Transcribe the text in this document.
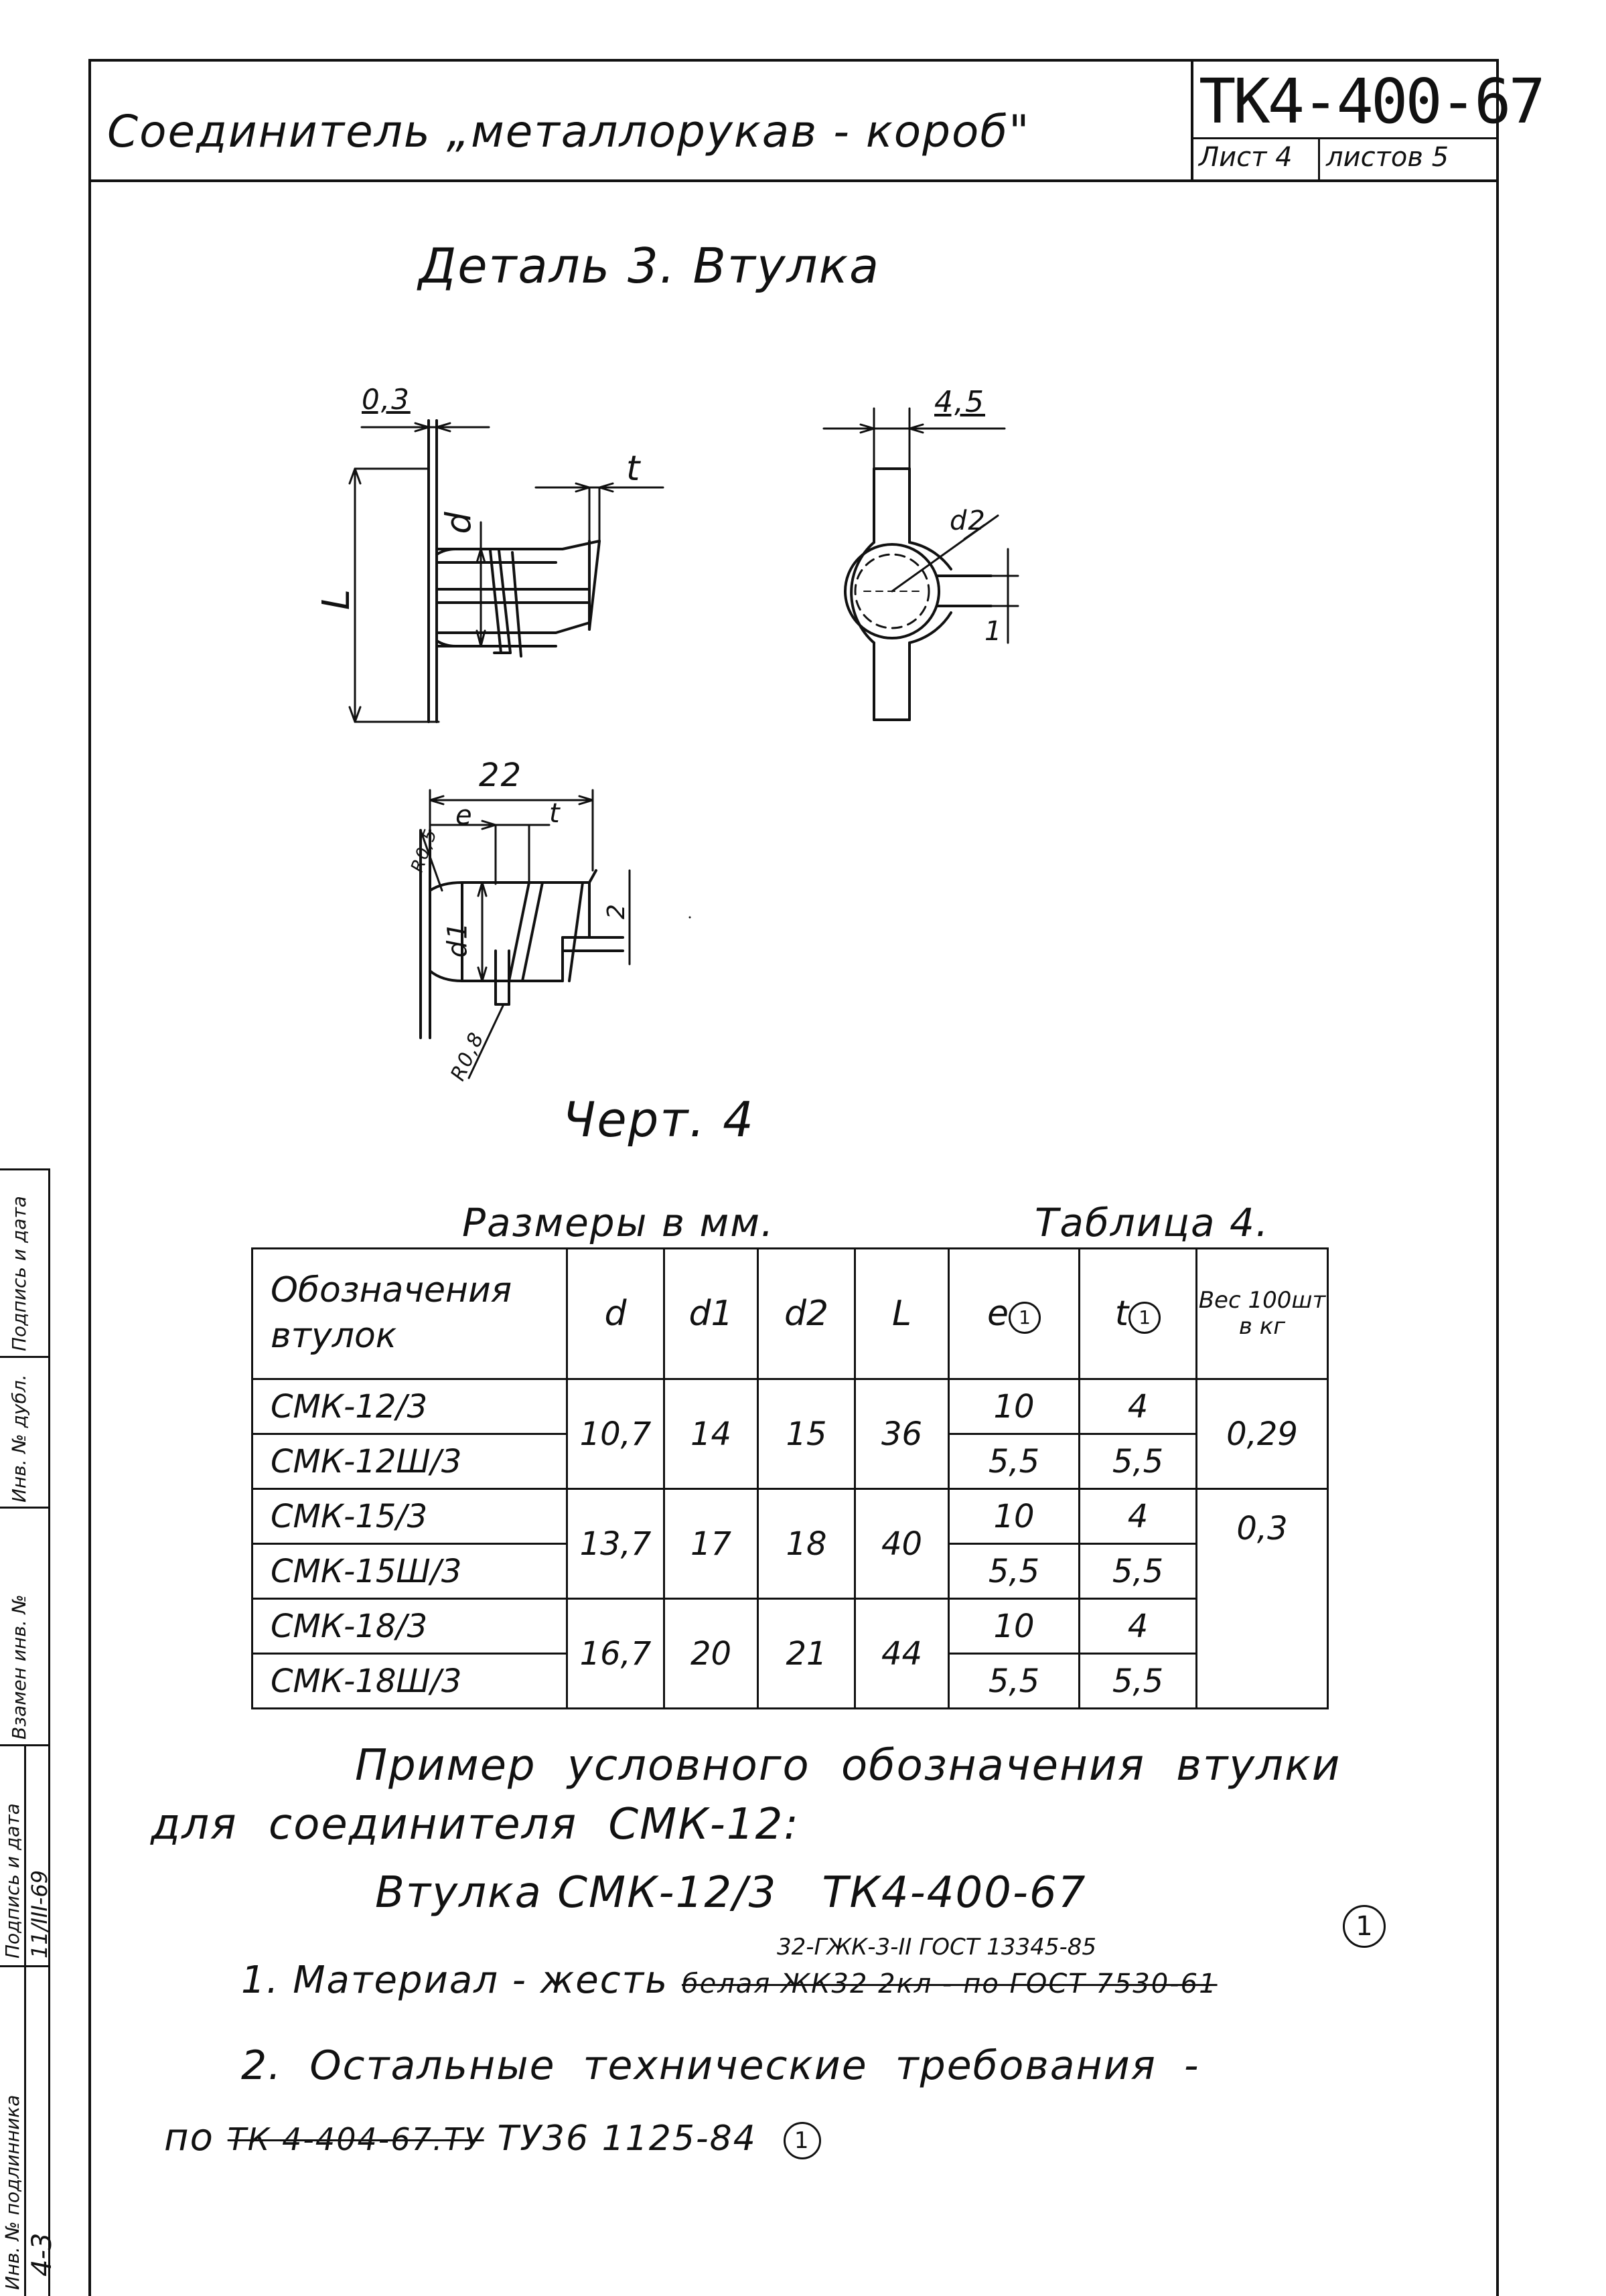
Соединитель „металлорукав - короб"	ТК4-400-67
Лист 4 листов 5
Подпись и дата
Инв. № дубл.
Взамен инв. №
Подпись и дата 11/III-69
Инв. № подлинника 4-3
Деталь 3. Втулка
0,3
t
d
L
4,5
d2
1
22
e	t
R0,5
d1
2
R0,8
Черт. 4
Размеры в мм.	Таблица 4.
Обозначения втулок	d	d1	d2	L	e 1	t 1	Вес 100шт в кг
СМК-12/3	10,7	14	15	36	10	4	0,29
СМК-12Ш/3					5,5	5,5	
СМК-15/3	13,7	17	18	40	10	4	0,3
СМК-15Ш/3					5,5	5,5	
СМК-18/3	16,7	20	21	44	10	4	
СМК-18Ш/3					5,5	5,5	
Пример условного обозначения втулки
для соединителя СМК-12:
Втулка СМК-12/3   ТК4-400-67
32-ГЖК-3-II ГОСТ 13345-85
1
1. Материал - жесть белая ЖК32 2кл - по ГОСТ 7530-61
2. Остальные технические требования -
по ТК 4-404-67.ТУ ТУ36 1125-84 1
